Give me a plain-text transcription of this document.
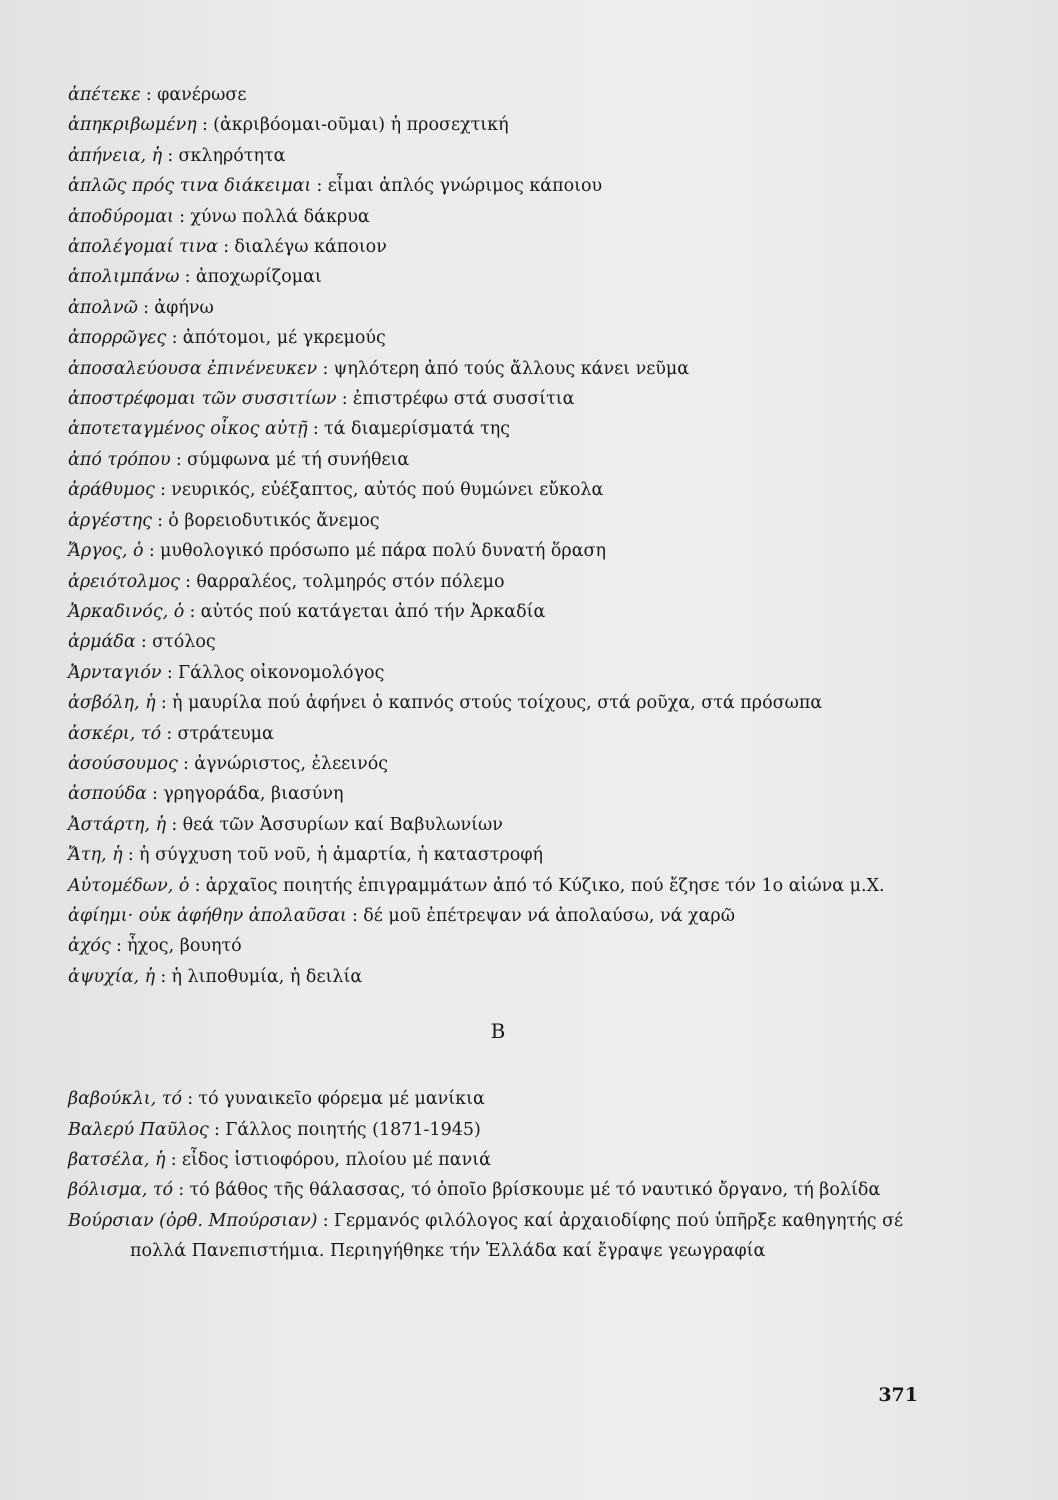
ἀπέτεκε : φανέρωσε
ἀπηκριβωμένη : (ἀκριβόομαι-οῦμαι) ἡ προσεχτική
ἀπήνεια, ἡ : σκληρότητα
ἁπλῶς πρός τινα διάκειμαι : εἶμαι ἁπλός γνώριμος κάποιου
ἀποδύρομαι : χύνω πολλά δάκρυα
ἀπολέγομαί τινα : διαλέγω κάποιον
ἀπολιμπάνω : ἀποχωρίζομαι
ἀπολνῶ : ἀφήνω
ἀπορρῶγες : ἀπότομοι, μέ γκρεμούς
ἀποσαλεύουσα ἐπινένευκεν : ψηλότερη ἀπό τούς ἄλλους κάνει νεῦμα
ἀποστρέφομαι τῶν συσσιτίων : ἐπιστρέφω στά συσσίτια
ἀποτεταγμένος οἶκος αὐτῇ : τά διαμερίσματά της
ἀπό τρόπου : σύμφωνα μέ τή συνήθεια
ἀράθυμος : νευρικός, εὐέξαπτος, αὐτός πού θυμώνει εὔκολα
ἀργέστης : ὁ βορειοδυτικός ἄνεμος
Ἄργος, ὁ : μυθολογικό πρόσωπο μέ πάρα πολύ δυνατή ὅραση
ἀρειότολμος : θαρραλέος, τολμηρός στόν πόλεμο
Ἀρκαδινός, ὁ : αὐτός πού κατάγεται ἀπό τήν Ἀρκαδία
ἀρμάδα : στόλος
Ἀρνταγιόν : Γάλλος οἰκονομολόγος
ἀσβόλη, ἡ : ἡ μαυρίλα πού ἀφήνει ὁ καπνός στούς τοίχους, στά ροῦχα, στά πρόσωπα
ἀσκέρι, τό : στράτευμα
ἀσούσουμος : ἀγνώριστος, ἐλεεινός
ἀσπούδα : γρηγοράδα, βιασύνη
Ἀστάρτη, ἡ : θεά τῶν Ἀσσυρίων καί Βαβυλωνίων
Ἄτη, ἡ : ἡ σύγχυση τοῦ νοῦ, ἡ ἁμαρτία, ἡ καταστροφή
Αὐτομέδων, ὁ : ἀρχαῖος ποιητής ἐπιγραμμάτων ἀπό τό Κύζικο, πού ἔζησε τόν 1ο αἰώνα μ.Χ.
ἀφίημι· οὐκ ἀφήθην ἀπολαῦσαι : δέ μοῦ ἐπέτρεψαν νά ἀπολαύσω, νά χαρῶ
ἀχός : ἦχος, βουητό
ἀψυχία, ἡ : ἡ λιποθυμία, ἡ δειλία
Β
βαβούκλι, τό : τό γυναικεῖο φόρεμα μέ μανίκια
Βαλερύ Παῦλος : Γάλλος ποιητής (1871-1945)
βατσέλα, ἡ : εἶδος ἱστιοφόρου, πλοίου μέ πανιά
βόλισμα, τό : τό βάθος τῆς θάλασσας, τό ὁποῖο βρίσκουμε μέ τό ναυτικό ὄργανο, τή βολίδα
Βούρσιαν (ὀρθ. Μπούρσιαν) : Γερμανός φιλόλογος καί ἀρχαιοδίφης πού ὑπῆρξε καθηγητής σέ πολλά Πανεπιστήμια. Περιηγήθηκε τήν Ἑλλάδα καί ἔγραψε γεωγραφία
371
